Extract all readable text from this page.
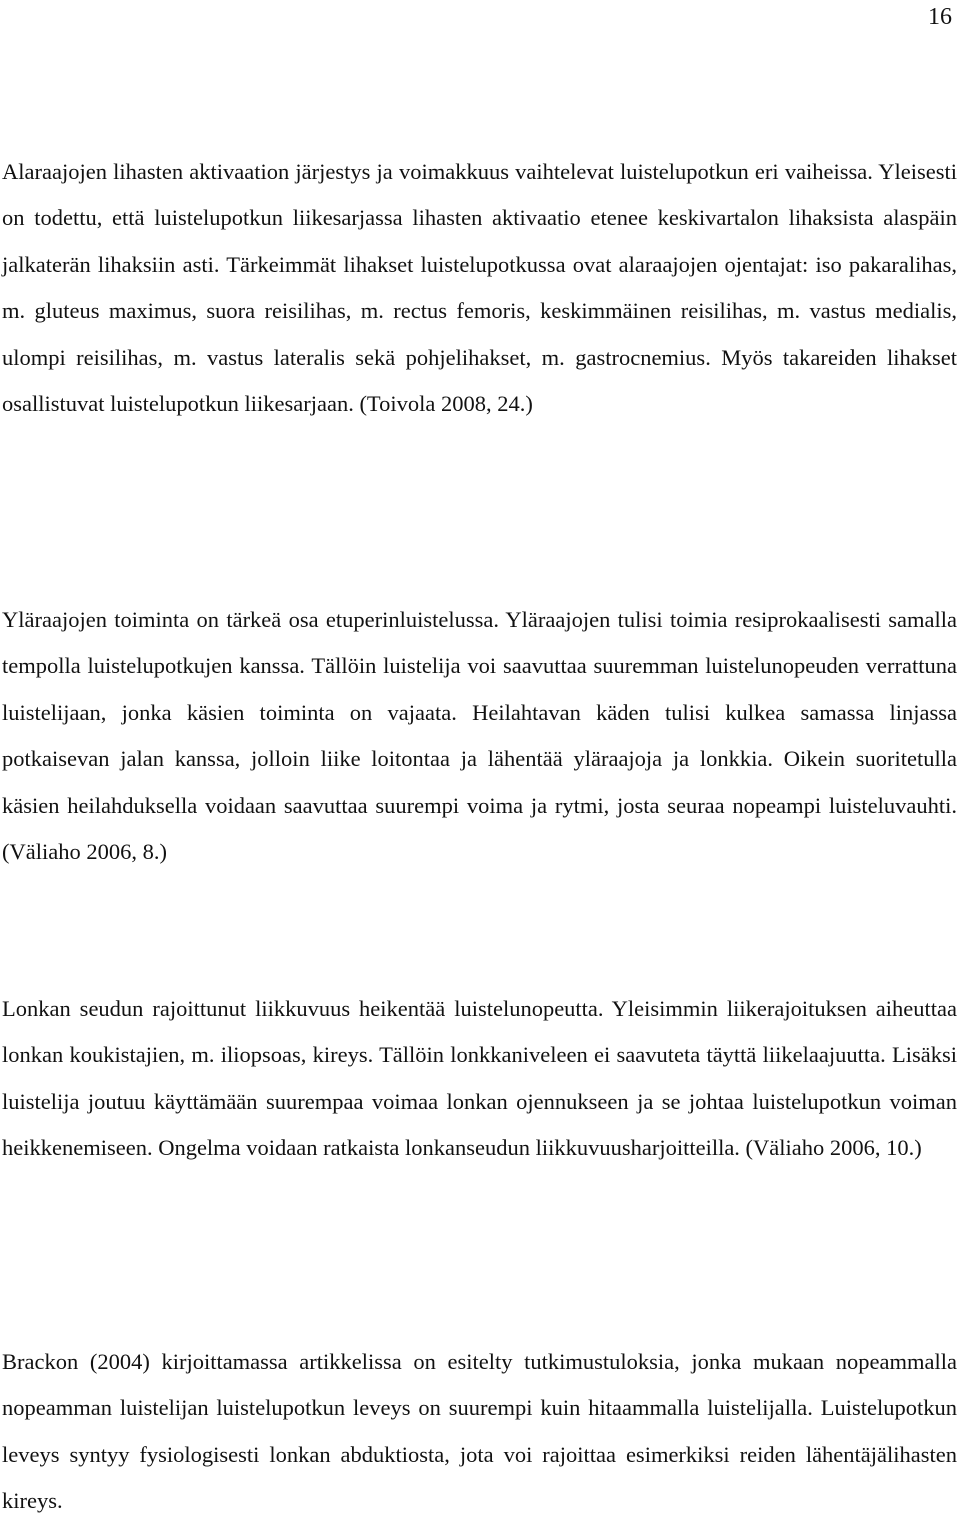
16

Alaraajojen lihasten aktivaation järjestys ja voimakkuus vaihtelevat luistelupotkun eri vaiheissa. Yleisesti on todettu, että luistelupotkun liikesarjassa lihasten aktivaatio etenee keskivartalon lihaksista alaspäin jalkaterän lihaksiin asti. Tärkeimmät lihakset luistelupotkussa ovat alaraajojen ojentajat: iso pakaralihas, m. gluteus maximus, suora reisilihas, m. rectus femoris, keskimmäinen reisilihas, m. vastus medialis, ulompi reisilihas, m. vastus lateralis sekä pohjelihakset, m. gastrocnemius. Myös takareiden lihakset osallistuvat luistelupotkun liikesarjaan. (Toivola 2008, 24.)

Yläraajojen toiminta on tärkeä osa etuperinluistelussa. Yläraajojen tulisi toimia resiprokaalisesti samalla tempolla luistelupotkujen kanssa. Tällöin luistelija voi saavuttaa suuremman luistelunopeuden verrattuna luistelijaan, jonka käsien toiminta on vajaata. Heilahtavan käden tulisi kulkea samassa linjassa potkaisevan jalan kanssa, jolloin liike loitontaa ja lähentää yläraajoja ja lonkkia. Oikein suoritetulla käsien heilahduksella voidaan saavuttaa suurempi voima ja rytmi, josta seuraa nopeampi luisteluvauhti. (Väliaho 2006, 8.)

Lonkan seudun rajoittunut liikkuvuus heikentää luistelunopeutta. Yleisimmin liikerajoituksen aiheuttaa lonkan koukistajien, m. iliopsoas, kireys. Tällöin lonkkaniveleen ei saavuteta täyttä liikelaajuutta. Lisäksi luistelija joutuu käyttämään suurempaa voimaa lonkan ojennukseen ja se johtaa luistelupotkun voiman heikkenemiseen. Ongelma voidaan ratkaista lonkanseudun liikkuvuusharjoitteilla. (Väliaho 2006, 10.)

Brackon (2004) kirjoittamassa artikkelissa on esitelty tutkimustuloksia, jonka mukaan nopeammalla nopeamman luistelijan luistelupotkun leveys on suurempi kuin hitaammalla luistelijalla. Luistelupotkun leveys syntyy fysiologisesti lonkan abduktiosta, jota voi rajoittaa esimerkiksi reiden lähentäjälihasten kireys.
